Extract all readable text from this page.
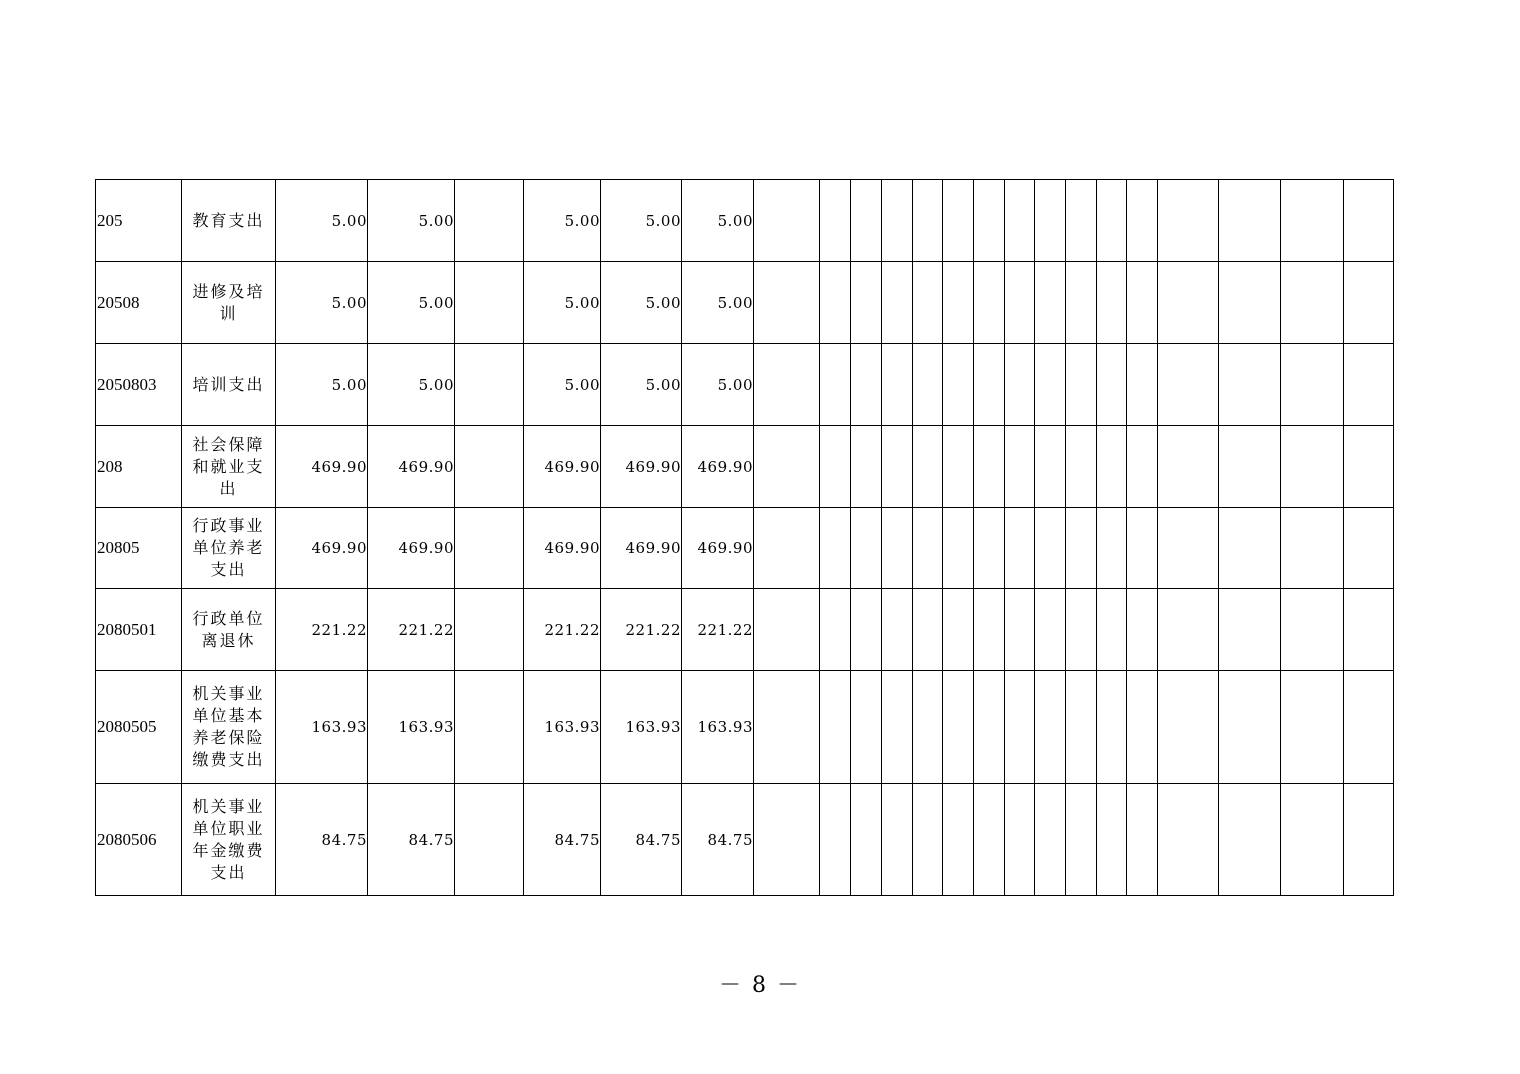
205	教育支出	5.00	5.00		5.00	5.00	5.00																
20508	进修及培训	5.00	5.00		5.00	5.00	5.00																
2050803	培训支出	5.00	5.00		5.00	5.00	5.00																
208	社会保障和就业支出	469.90	469.90		469.90	469.90	469.90																
20805	行政事业单位养老支出	469.90	469.90		469.90	469.90	469.90																
2080501	行政单位离退休	221.22	221.22		221.22	221.22	221.22																
2080505	机关事业单位基本养老保险缴费支出	163.93	163.93		163.93	163.93	163.93																
2080506	机关事业单位职业年金缴费支出	84.75	84.75		84.75	84.75	84.75																
－ 8 －
